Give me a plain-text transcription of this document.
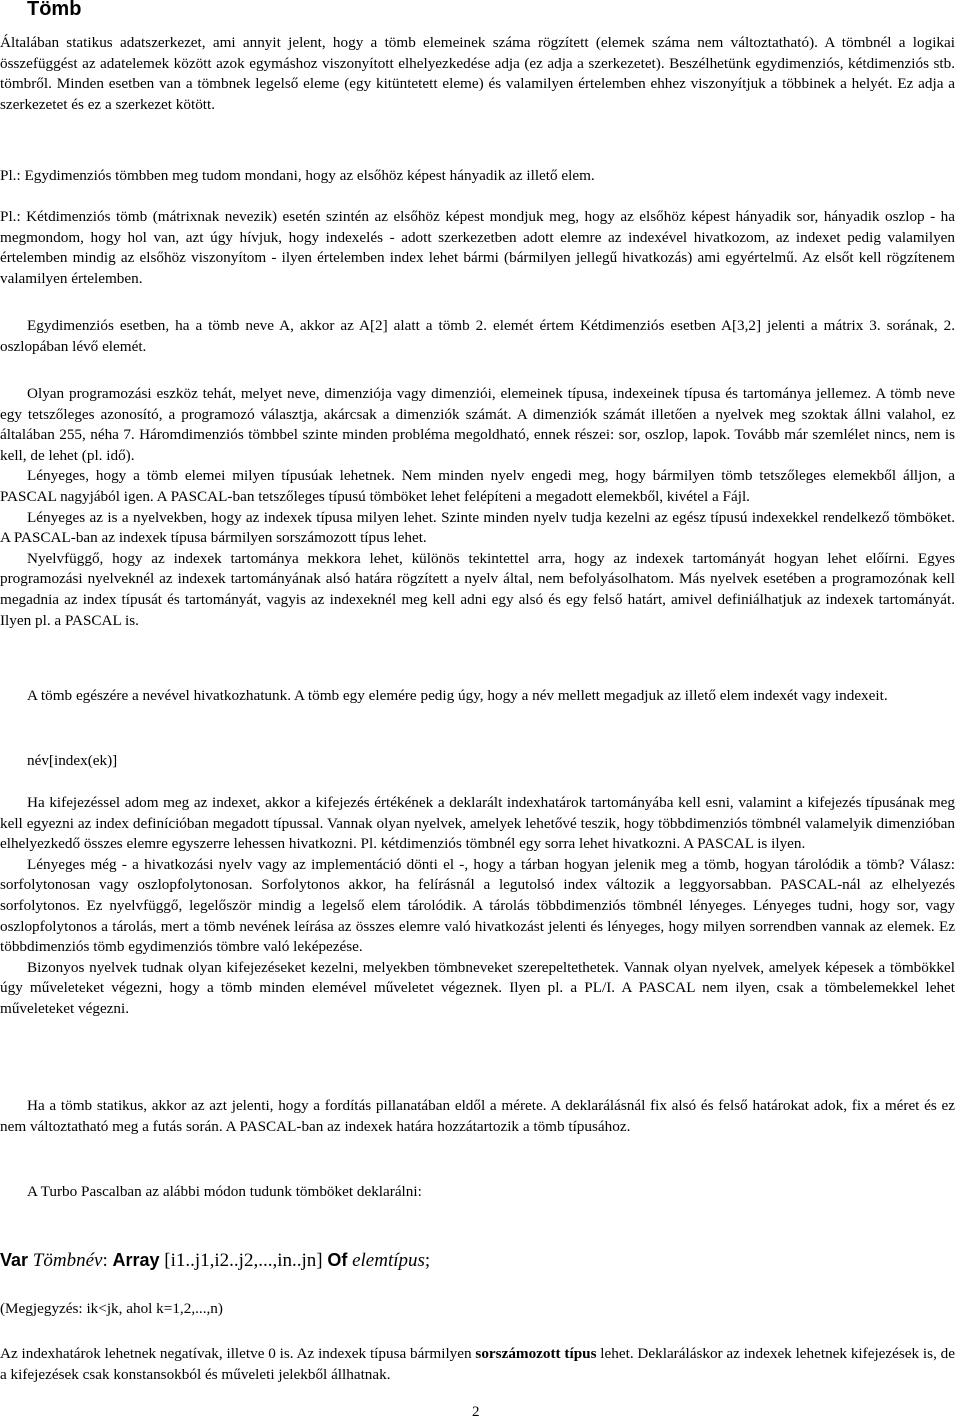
Tömb

Általában statikus adatszerkezet, ami annyit jelent, hogy a tömb elemeinek száma rögzített (elemek száma nem változtatható). A tömbnél a logikai összefüggést az adatelemek között azok egymáshoz viszonyított elhelyezkedése adja (ez adja a szerkezetet). Beszélhetünk egydimenziós, kétdimenziós stb. tömbről. Minden esetben van a tömbnek legelső eleme (egy kitüntetett eleme) és valamilyen értelemben ehhez viszonyítjuk a többinek a helyét. Ez adja a szerkezetet és ez a szerkezet kötött.

Pl.: Egydimenziós tömbben meg tudom mondani, hogy az elsőhöz képest hányadik az illető elem.

Pl.: Kétdimenziós tömb (mátrixnak nevezik) esetén szintén az elsőhöz képest mondjuk meg, hogy az elsőhöz képest hányadik sor, hányadik oszlop - ha megmondom, hogy hol van, azt úgy hívjuk, hogy indexelés - adott szerkezetben adott elemre az indexével hivatkozom, az indexet pedig valamilyen értelemben mindig az elsőhöz viszonyítom - ilyen értelemben index lehet bármi (bármilyen jellegű hivatkozás) ami egyértelmű. Az elsőt kell rögzítenem valamilyen értelemben.

Egydimenziós esetben, ha a tömb neve A, akkor az A[2] alatt a tömb 2. elemét értem Kétdimenziós esetben A[3,2] jelenti a mátrix 3. sorának, 2. oszlopában lévő elemét.

Olyan programozási eszköz tehát, melyet neve, dimenziója vagy dimenziói, elemeinek típusa, indexeinek típusa és tartománya jellemez. A tömb neve egy tetszőleges azonosító, a programozó választja, akárcsak a dimenziók számát. A dimenziók számát illetően a nyelvek meg szoktak állni valahol, ez általában 255, néha 7. Háromdimenziós tömbbel szinte minden probléma megoldható, ennek részei: sor, oszlop, lapok. Tovább már szemlélet nincs, nem is kell, de lehet (pl. idő).

Lényeges, hogy a tömb elemei milyen típusúak lehetnek. Nem minden nyelv engedi meg, hogy bármilyen tömb tetszőleges elemekből álljon, a PASCAL nagyjából igen. A PASCAL-ban tetszőleges típusú tömböket lehet felépíteni a megadott elemekből, kivétel a Fájl.

Lényeges az is a nyelvekben, hogy az indexek típusa milyen lehet. Szinte minden nyelv tudja kezelni az egész típusú indexekkel rendelkező tömböket. A PASCAL-ban az indexek típusa bármilyen sorszámozott típus lehet.

Nyelvfüggő, hogy az indexek tartománya mekkora lehet, különös tekintettel arra, hogy az indexek tartományát hogyan lehet előírni. Egyes programozási nyelveknél az indexek tartományának alsó határa rögzített a nyelv által, nem befolyásolhatom. Más nyelvek esetében a programozónak kell megadnia az index típusát és tartományát, vagyis az indexeknél meg kell adni egy alsó és egy felső határt, amivel definiálhatjuk az indexek tartományát. Ilyen pl. a PASCAL is.

A tömb egészére a nevével hivatkozhatunk. A tömb egy elemére pedig úgy, hogy a név mellett megadjuk az illető elem indexét vagy indexeit.

név[index(ek)]

Ha kifejezéssel adom meg az indexet, akkor a kifejezés értékének a deklarált indexhatárok tartományába kell esni, valamint a kifejezés típusának meg kell egyezni az index definícióban megadott típussal. Vannak olyan nyelvek, amelyek lehetővé teszik, hogy többdimenziós tömbnél valamelyik dimenzióban elhelyezkedő összes elemre egyszerre lehessen hivatkozni. Pl. kétdimenziós tömbnél egy sorra lehet hivatkozni. A PASCAL is ilyen.

Lényeges még - a hivatkozási nyelv vagy az implementáció dönti el -, hogy a tárban hogyan jelenik meg a tömb, hogyan tárolódik a tömb? Válasz: sorfolytonosan vagy oszlopfolytonosan. Sorfolytonos akkor, ha felírásnál a legutolsó index változik a leggyorsabban. PASCAL-nál az elhelyezés sorfolytonos. Ez nyelvfüggő, legelőször mindig a legelső elem tárolódik. A tárolás többdimenziós tömbnél lényeges. Lényeges tudni, hogy sor, vagy oszlopfolytonos a tárolás, mert a tömb nevének leírása az összes elemre való hivatkozást jelenti és lényeges, hogy milyen sorrendben vannak az elemek. Ez többdimenziós tömb egydimenziós tömbre való leképezése.

Bizonyos nyelvek tudnak olyan kifejezéseket kezelni, melyekben tömbneveket szerepeltethetek. Vannak olyan nyelvek, amelyek képesek a tömbökkel úgy műveleteket végezni, hogy a tömb minden elemével műveletet végeznek. Ilyen pl. a PL/I. A PASCAL nem ilyen, csak a tömbelemekkel lehet műveleteket végezni.

Ha a tömb statikus, akkor az azt jelenti, hogy a fordítás pillanatában eldől a mérete. A deklarálásnál fix alsó és felső határokat adok, fix a méret és ez nem változtatható meg a futás során. A PASCAL-ban az indexek határa hozzátartozik a tömb típusához.

A Turbo Pascalban az alábbi módon tudunk tömböket deklarálni:

Var Tömbnév: Array [i1..j1,i2..j2,...,in..jn] Of elemtípus;

(Megjegyzés: ik<jk, ahol k=1,2,...,n)

Az indexhatárok lehetnek negatívak, illetve 0 is. Az indexek típusa bármilyen sorszámozott típus lehet. Deklaráláskor az indexek lehetnek kifejezések is, de a kifejezések csak konstansokból és műveleti jelekből állhatnak.

2
